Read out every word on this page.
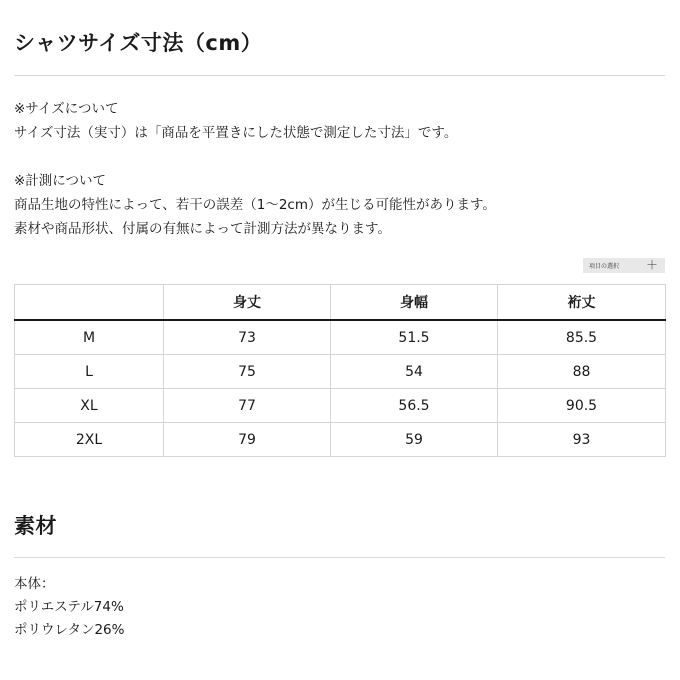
シャツサイズ寸法（cm）
※サイズについて
サイズ寸法（実寸）は「商品を平置きにした状態で測定した寸法」です。

※計測について
商品生地の特性によって、若干の誤差（1〜2cm）が生じる可能性があります。
素材や商品形状、付属の有無によって計測方法が異なります。
項目の選択 ＋
	身丈	身幅	裄丈
M	73	51.5	85.5
L	75	54	88
XL	77	56.5	90.5
2XL	79	59	93
素材
本体：
ポリエステル74%
ポリウレタン26%
